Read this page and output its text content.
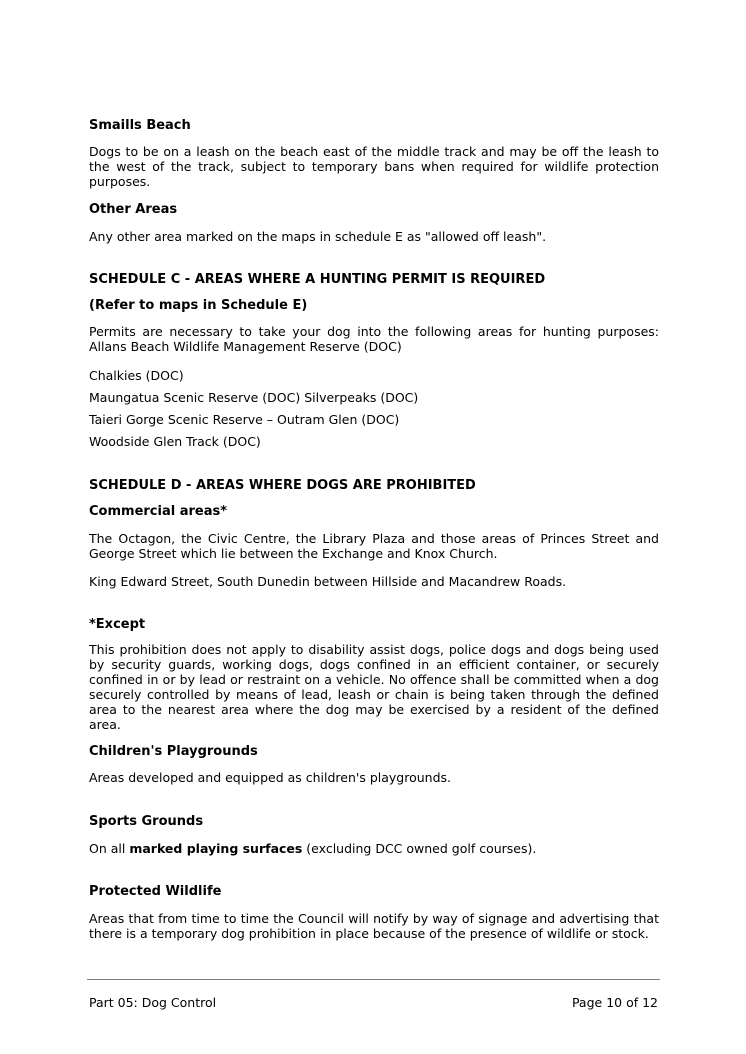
Smaills Beach
Dogs to be on a leash on the beach east of the middle track and may be off the leash to the west of the track, subject to temporary bans when required for wildlife protection purposes.
Other Areas
Any other area marked on the maps in schedule E as "allowed off leash".
SCHEDULE C - AREAS WHERE A HUNTING PERMIT IS REQUIRED
(Refer to maps in Schedule E)
Permits are necessary to take your dog into the following areas for hunting purposes: Allans Beach Wildlife Management Reserve (DOC)
Chalkies (DOC)
Maungatua Scenic Reserve (DOC) Silverpeaks (DOC)
Taieri Gorge Scenic Reserve – Outram Glen (DOC)
Woodside Glen Track (DOC)
SCHEDULE D - AREAS WHERE DOGS ARE PROHIBITED
Commercial areas*
The Octagon, the Civic Centre, the Library Plaza and those areas of Princes Street and George Street which lie between the Exchange and Knox Church.
King Edward Street, South Dunedin between Hillside and Macandrew Roads.
*Except
This prohibition does not apply to disability assist dogs, police dogs and dogs being used by security guards, working dogs, dogs confined in an efficient container, or securely confined in or by lead or restraint on a vehicle. No offence shall be committed when a dog securely controlled by means of lead, leash or chain is being taken through the defined area to the nearest area where the dog may be exercised by a resident of the defined area.
Children's Playgrounds
Areas developed and equipped as children's playgrounds.
Sports Grounds
On all marked playing surfaces (excluding DCC owned golf courses).
Protected Wildlife
Areas that from time to time the Council will notify by way of signage and advertising that there is a temporary dog prohibition in place because of the presence of wildlife or stock.
Part 05: Dog Control	Page 10 of 12
